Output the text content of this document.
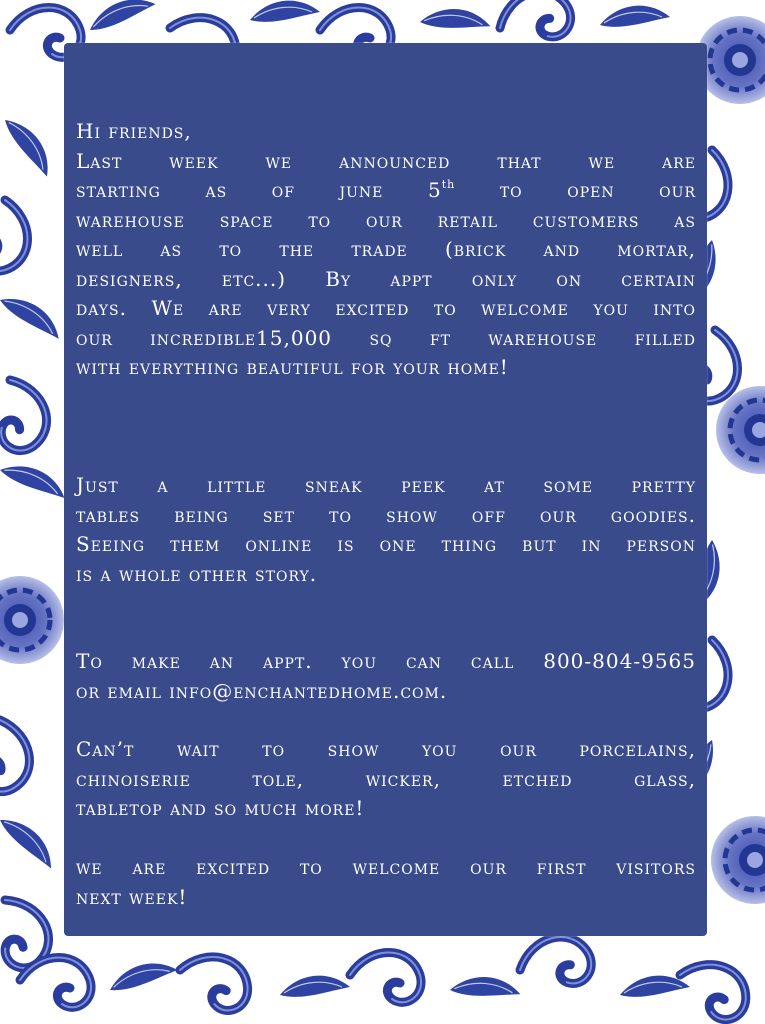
Hi friends,
Last week we announced that we are
starting as of june 5th to open our
warehouse space to our retail customers as
well as to the trade (brick and mortar,
designers, etc...) By appt only on certain
days. We are very excited to welcome you into
our incredible15,000 sq ft warehouse filled
with everything beautiful for your home!
Just a little sneak peek at some pretty
tables being set to show off our goodies.
Seeing them online is one thing but in person
is a whole other story.
To make an appt. you can call 800-804-9565
or email info@enchantedhome.com.
Can’t wait to show you our porcelains,
chinoiserie tole, wicker, etched glass,
tabletop and so much more!
we are excited to welcome our first visitors
next week!
